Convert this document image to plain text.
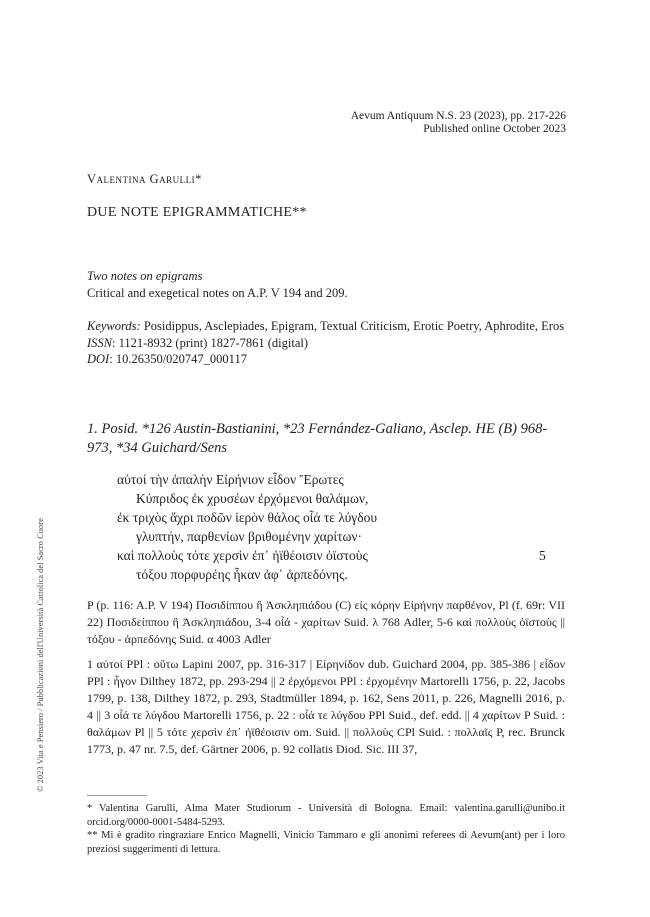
Aevum Antiquum N.S. 23 (2023), pp. 217-226
Published online October 2023
Valentina Garulli*
DUE NOTE EPIGRAMMATICHE**

Two notes on epigrams

Critical and exegetical notes on A.P. V 194 and 209.

Keywords: Posidippus, Asclepiades, Epigram, Textual Criticism, Erotic Poetry, Aphrodite, Eros

ISSN: 1121-8932 (print) 1827-7861 (digital)

DOI: 10.26350/020747_000117

1. Posid. *126 Austin-Bastianini, *23 Fernández-Galiano, Asclep. HE (B) 968-973, *34 Guichard/Sens
αὐτοί τὴν ἁπαλὴν Εἰρήνιον εἶδον Ἔρωτες
Κύπριδος ἐκ χρυσέων ἐρχόμενοι θαλάμων,
ἐκ τριχὸς ἄχρι ποδῶν ἱερὸν θάλος οἷά τε λύγδου
γλυπτήν, παρθενίων βριθομένην χαρίτων·
καὶ πολλοὺς τότε χερσὶν ἐπ᾽ ἠϊθέοισιν ὀϊστοὺς	5
τόξου πορφυρέης ἧκαν ἀφ᾽ ἁρπεδόνης.
P (p. 116: A.P. V 194) Ποσιδίππου ἢ Ἀσκληπιάδου (C) εἰς κόρην Εἰρήνην παρθένον, Pl (f. 69r: VII 22) Ποσιδείππου ἢ Ἀσκληπιάδου, 3-4 οἷά - χαρίτων Suid. λ 768 Adler, 5-6 καὶ πολλοὺς ὀϊστοὺς || τόξου - ἁρπεδόνης Suid. α 4003 Adler
1 αὐτοί PPl : οὕτω Lapini 2007, pp. 316-317 | Εἰρηνίδον dub. Guichard 2004, pp. 385-386 | εἶδον PPl : ἦγον Dilthey 1872, pp. 293-294 || 2 ἐρχόμενοι PPl : ἐρχομένην Martorelli 1756, p. 22, Jacobs 1799, p. 138, Dilthey 1872, p. 293, Stadtmüller 1894, p. 162, Sens 2011, p. 226, Magnelli 2016, p. 4 || 3 οἷά τε λύγδου Martorelli 1756, p. 22 : οἷά τε λύγδου PPl Suid., def. edd. || 4 χαρίτων P Suid. : θαλάμων Pl || 5 τότε χερσὶν ἐπ᾽ ἠϊθέοισιν om. Suid. || πολλοὺς CPl Suid. : πολλαῖς P, rec. Brunck 1773, p. 47 nr. 7.5, def. Gärtner 2006, p. 92 collatis Diod. Sic. III 37,

* Valentina Garulli, Alma Mater Studiorum - Università di Bologna. Email: valentina.garulli@unibo.it orcid.org/0000-0001-5484-5293.

** Mi è gradito ringraziare Enrico Magnelli, Vinicio Tammaro e gli anonimi referees di Aevum(ant) per i loro preziosi suggerimenti di lettura.

© 2023 Vita e Pensiero / Pubblicazioni dell'Università Cattolica del Sacro Cuore
